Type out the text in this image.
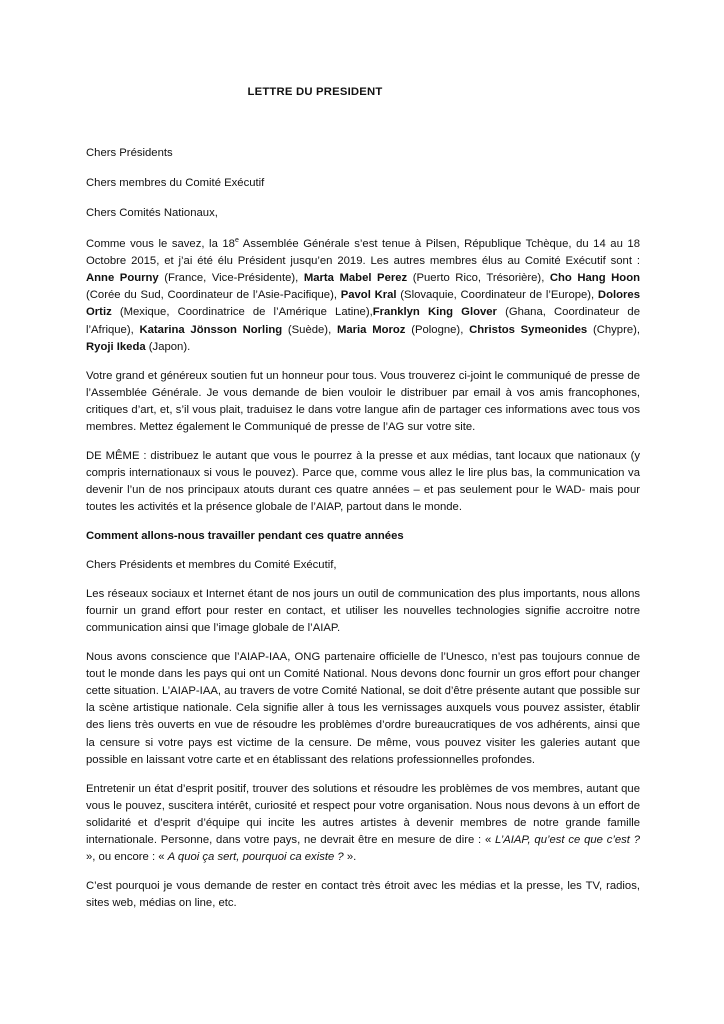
LETTRE DU PRESIDENT

Chers Présidents

Chers membres du Comité Exécutif

Chers Comités Nationaux,

Comme vous le savez, la 18e Assemblée Générale s’est tenue à Pilsen, République Tchèque, du 14 au 18 Octobre 2015, et j’ai été élu Président jusqu’en 2019. Les autres membres élus au Comité Exécutif sont : Anne Pourny (France, Vice-Présidente), Marta Mabel Perez (Puerto Rico, Trésorière), Cho Hang Hoon (Corée du Sud, Coordinateur de l’Asie-Pacifique), Pavol Kral (Slovaquie, Coordinateur de l’Europe), Dolores Ortiz (Mexique, Coordinatrice de l’Amérique Latine),Franklyn King Glover (Ghana, Coordinateur de l’Afrique), Katarina Jönsson Norling (Suède), Maria Moroz (Pologne), Christos Symeonides (Chypre), Ryoji Ikeda (Japon).

Votre grand et généreux soutien fut un honneur pour tous. Vous trouverez ci-joint le communiqué de presse de l’Assemblée Générale. Je vous demande de bien vouloir le distribuer par email à vos amis francophones, critiques d’art, et, s’il vous plait, traduisez le dans votre langue afin de partager ces informations avec tous vos membres. Mettez également le Communiqué de presse de l’AG sur votre site.

DE MÊME : distribuez le autant que vous le pourrez à la presse et aux médias, tant locaux que nationaux (y compris internationaux si vous le pouvez). Parce que, comme vous allez le lire plus bas, la communication va devenir l’un de nos principaux atouts durant ces quatre années – et pas seulement pour le WAD- mais pour toutes les activités et la présence globale de l’AIAP, partout dans le monde.

Comment allons-nous travailler pendant ces quatre années

Chers Présidents et membres du Comité Exécutif,

Les réseaux sociaux et Internet étant de nos jours un outil de communication des plus importants, nous allons fournir un grand effort pour rester en contact, et utiliser les nouvelles technologies signifie accroitre notre communication ainsi que l’image globale de l’AIAP.

Nous avons conscience que l’AIAP-IAA, ONG partenaire officielle de l’Unesco, n’est pas toujours connue de tout le monde dans les pays qui ont un Comité National. Nous devons donc fournir un gros effort pour changer cette situation. L’AIAP-IAA, au travers de votre Comité National, se doit d’être présente autant que possible sur la scène artistique nationale. Cela signifie aller à tous les vernissages auxquels vous pouvez assister, établir des liens très ouverts en vue de résoudre les problèmes d’ordre bureaucratiques de vos adhérents, ainsi que la censure si votre pays est victime de la censure. De même, vous pouvez visiter les galeries autant que possible en laissant votre carte et en établissant des relations professionnelles profondes.

Entretenir un état d’esprit positif, trouver des solutions et résoudre les problèmes de vos membres, autant que vous le pouvez, suscitera intérêt, curiosité et respect pour votre organisation. Nous nous devons à un effort de solidarité et d’esprit d’équipe qui incite les autres artistes à devenir membres de notre grande famille internationale. Personne, dans votre pays, ne devrait être en mesure de dire : « L’AIAP, qu’est ce que c’est ? », ou encore : « A quoi ça sert, pourquoi ca existe ? ».

C’est pourquoi je vous demande de rester en contact très étroit avec les médias et la presse, les TV, radios, sites web, médias on line, etc.
